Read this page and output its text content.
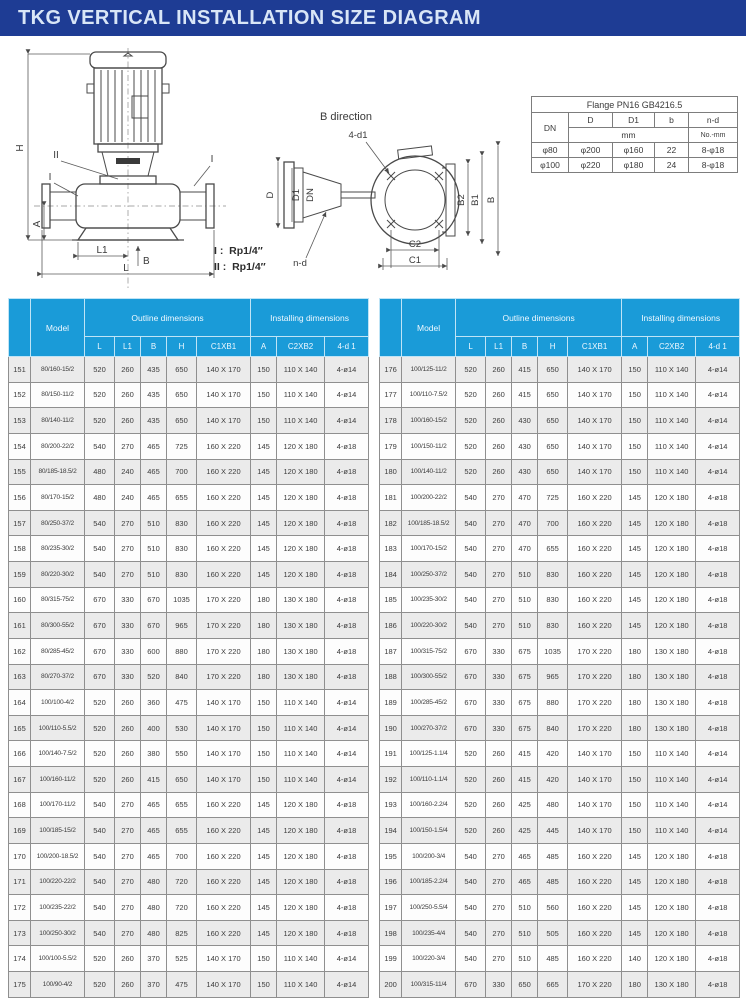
TKG VERTICAL INSTALLATION SIZE DIAGRAM
H
A
L1
L
B
II
I
I
B direction
4-d1
n-d
D D1 DN
C2
C1
B2 B1 B
I :  Rp1/4″
II :  Rp1/4″
Flange PN16 GB4216.5				
DN	D	D1	b	n-d
	mm			No.-mm
φ80	φ200	φ160	22	8-φ18
φ100	φ220	φ180	24	8-φ18
	Model	Outline dimensions					Installing dimensions		
		L	L1	B	H	C1XB1	A	C2XB2	4-d 1
151	80/160-15/2	520	260	435	650	140 X 170	150	110 X 140	4-ø14
152	80/150-11/2	520	260	435	650	140 X 170	150	110 X 140	4-ø14
153	80/140-11/2	520	260	435	650	140 X 170	150	110 X 140	4-ø14
154	80/200-22/2	540	270	465	725	160 X 220	145	120 X 180	4-ø18
155	80/185-18.5/2	480	240	465	700	160 X 220	145	120 X 180	4-ø18
156	80/170-15/2	480	240	465	655	160 X 220	145	120 X 180	4-ø18
157	80/250-37/2	540	270	510	830	160 X 220	145	120 X 180	4-ø18
158	80/235-30/2	540	270	510	830	160 X 220	145	120 X 180	4-ø18
159	80/220-30/2	540	270	510	830	160 X 220	145	120 X 180	4-ø18
160	80/315-75/2	670	330	670	1035	170 X 220	180	130 X 180	4-ø18
161	80/300-55/2	670	330	670	965	170 X 220	180	130 X 180	4-ø18
162	80/285-45/2	670	330	600	880	170 X 220	180	130 X 180	4-ø18
163	80/270-37/2	670	330	520	840	170 X 220	180	130 X 180	4-ø18
164	100/100-4/2	520	260	360	475	140 X 170	150	110 X 140	4-ø14
165	100/110-5.5/2	520	260	400	530	140 X 170	150	110 X 140	4-ø14
166	100/140-7.5/2	520	260	380	550	140 X 170	150	110 X 140	4-ø14
167	100/160-11/2	520	260	415	650	140 X 170	150	110 X 140	4-ø14
168	100/170-11/2	540	270	465	655	160 X 220	145	120 X 180	4-ø18
169	100/185-15/2	540	270	465	655	160 X 220	145	120 X 180	4-ø18
170	100/200-18.5/2	540	270	465	700	160 X 220	145	120 X 180	4-ø18
171	100/220-22/2	540	270	480	720	160 X 220	145	120 X 180	4-ø18
172	100/235-22/2	540	270	480	720	160 X 220	145	120 X 180	4-ø18
173	100/250-30/2	540	270	480	825	160 X 220	145	120 X 180	4-ø18
174	100/100-5.5/2	520	260	370	525	140 X 170	150	110 X 140	4-ø14
175	100/90-4/2	520	260	370	475	140 X 170	150	110 X 140	4-ø14
	Model	Outline dimensions					Installing dimensions		
		L	L1	B	H	C1XB1	A	C2XB2	4-d 1
176	100/125-11/2	520	260	415	650	140 X 170	150	110 X 140	4-ø14
177	100/110-7.5/2	520	260	415	650	140 X 170	150	110 X 140	4-ø14
178	100/160-15/2	520	260	430	650	140 X 170	150	110 X 140	4-ø14
179	100/150-11/2	520	260	430	650	140 X 170	150	110 X 140	4-ø14
180	100/140-11/2	520	260	430	650	140 X 170	150	110 X 140	4-ø14
181	100/200-22/2	540	270	470	725	160 X 220	145	120 X 180	4-ø18
182	100/185-18.5/2	540	270	470	700	160 X 220	145	120 X 180	4-ø18
183	100/170-15/2	540	270	470	655	160 X 220	145	120 X 180	4-ø18
184	100/250-37/2	540	270	510	830	160 X 220	145	120 X 180	4-ø18
185	100/235-30/2	540	270	510	830	160 X 220	145	120 X 180	4-ø18
186	100/220-30/2	540	270	510	830	160 X 220	145	120 X 180	4-ø18
187	100/315-75/2	670	330	675	1035	170 X 220	180	130 X 180	4-ø18
188	100/300-55/2	670	330	675	965	170 X 220	180	130 X 180	4-ø18
189	100/285-45/2	670	330	675	880	170 X 220	180	130 X 180	4-ø18
190	100/270-37/2	670	330	675	840	170 X 220	180	130 X 180	4-ø18
191	100/125-1.1/4	520	260	415	420	140 X 170	150	110 X 140	4-ø14
192	100/110-1.1/4	520	260	415	420	140 X 170	150	110 X 140	4-ø14
193	100/160-2.2/4	520	260	425	480	140 X 170	150	110 X 140	4-ø14
194	100/150-1.5/4	520	260	425	445	140 X 170	150	110 X 140	4-ø14
195	100/200-3/4	540	270	465	485	160 X 220	145	120 X 180	4-ø18
196	100/185-2.2/4	540	270	465	485	160 X 220	145	120 X 180	4-ø18
197	100/250-5.5/4	540	270	510	560	160 X 220	145	120 X 180	4-ø18
198	100/235-4/4	540	270	510	505	160 X 220	145	120 X 180	4-ø18
199	100/220-3/4	540	270	510	485	160 X 220	140	120 X 180	4-ø18
200	100/315-11/4	670	330	650	665	170 X 220	180	130 X 180	4-ø18
